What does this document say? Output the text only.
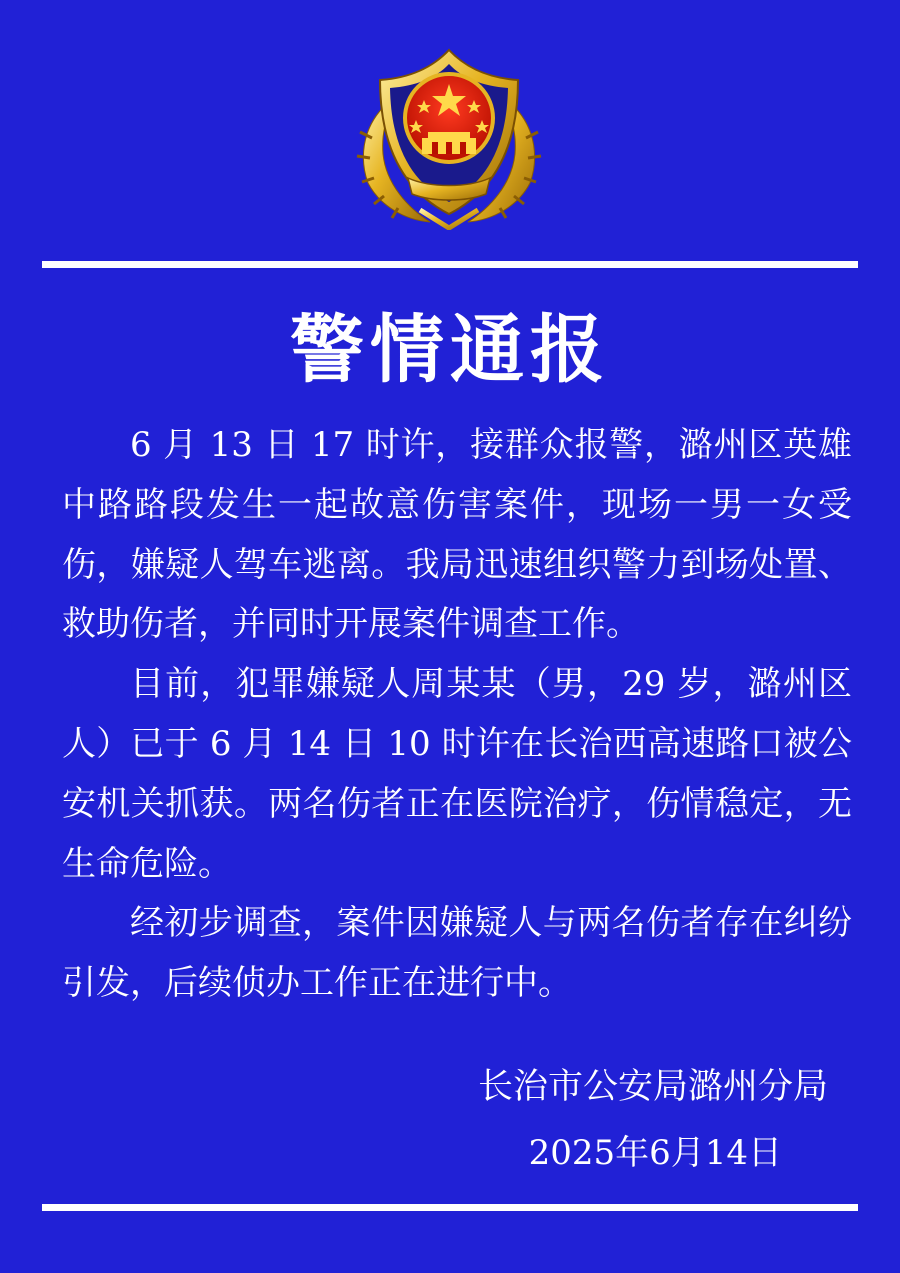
警情通报

6 月 13 日 17 时许，接群众报警，潞州区英雄中路路段发生一起故意伤害案件，现场一男一女受伤，嫌疑人驾车逃离。我局迅速组织警力到场处置、救助伤者，并同时开展案件调查工作。

目前，犯罪嫌疑人周某某（男，29 岁，潞州区人）已于 6 月 14 日 10 时许在长治西高速路口被公安机关抓获。两名伤者正在医院治疗，伤情稳定，无生命危险。

经初步调查，案件因嫌疑人与两名伤者存在纠纷引发，后续侦办工作正在进行中。

长治市公安局潞州分局
2025年6月14日
